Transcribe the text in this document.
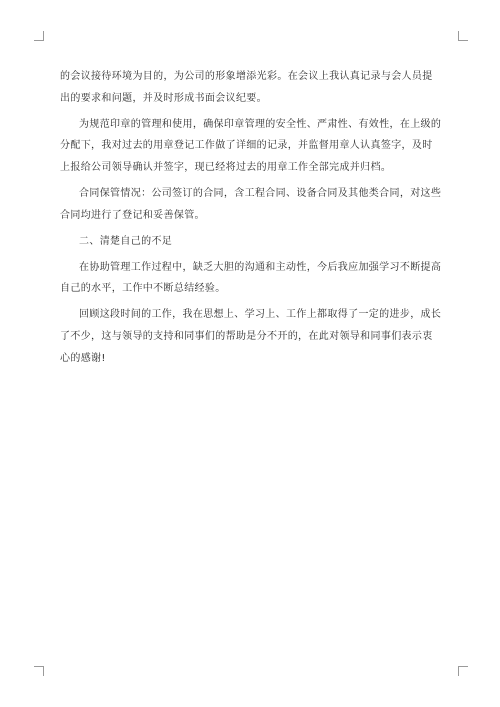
的会议接待环境为目的，为公司的形象增添光彩。在会议上我认真记录与会人员提出的要求和问题，并及时形成书面会议纪要。

为规范印章的管理和使用，确保印章管理的安全性、严肃性、有效性，在上级的分配下，我对过去的用章登记工作做了详细的记录，并监督用章人认真签字，及时上报给公司领导确认并签字，现已经将过去的用章工作全部完成并归档。

合同保管情况：公司签订的合同，含工程合同、设备合同及其他类合同，对这些合同均进行了登记和妥善保管。

二、清楚自己的不足

在协助管理工作过程中，缺乏大胆的沟通和主动性，今后我应加强学习不断提高自己的水平，工作中不断总结经验。

回顾这段时间的工作，我在思想上、学习上、工作上都取得了一定的进步，成长了不少，这与领导的支持和同事们的帮助是分不开的，在此对领导和同事们表示衷心的感谢!
